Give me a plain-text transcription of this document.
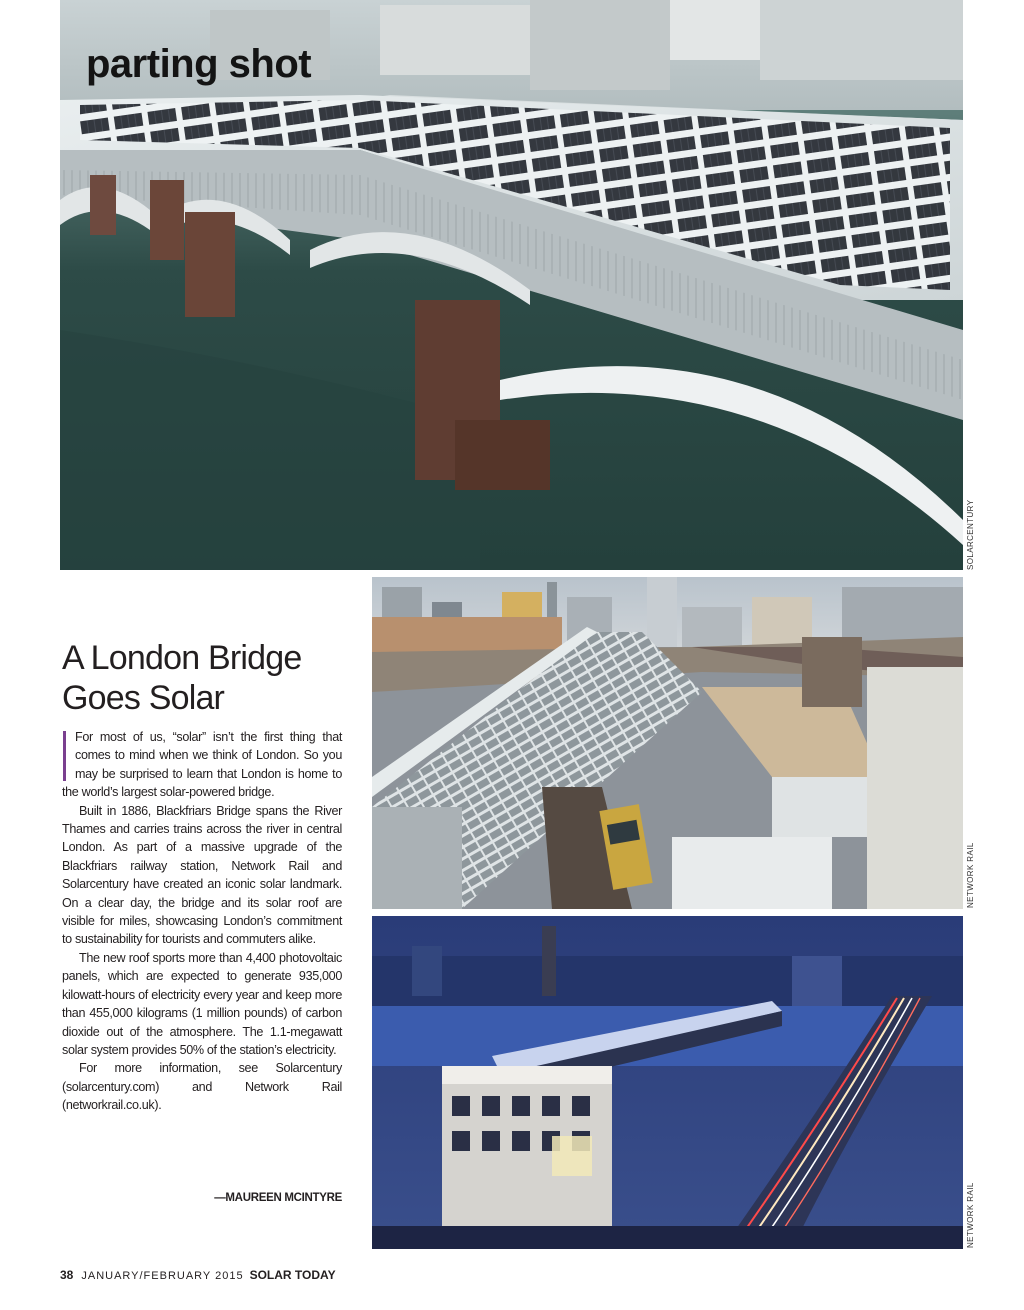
parting shot
SOLARCENTURY
NETWORK RAIL
NETWORK RAIL
A London Bridge Goes Solar

For most of us, “solar” isn’t the first thing that comes to mind when we think of London. So you may be surprised to learn that London is home to the world’s largest solar-powered bridge.

Built in 1886, Blackfriars Bridge spans the River Thames and carries trains across the river in central London. As part of a massive upgrade of the Blackfriars railway station, Network Rail and Solarcentury have created an iconic solar landmark. On a clear day, the bridge and its solar roof are visible for miles, showcasing London’s commitment to sustainability for tourists and commuters alike.

The new roof sports more than 4,400 photovoltaic panels, which are expected to generate 935,000 kilowatt-hours of electricity every year and keep more than 455,000 kilograms (1 million pounds) of carbon dioxide out of the atmosphere. The 1.1-megawatt solar system provides 50% of the station’s electricity.

For more information, see Solarcentury (solarcentury.com) and Network Rail (networkrail.co.uk).

—MAUREEN MCINTYRE
38 JANUARY/FEBRUARY 2015 SOLAR TODAY
